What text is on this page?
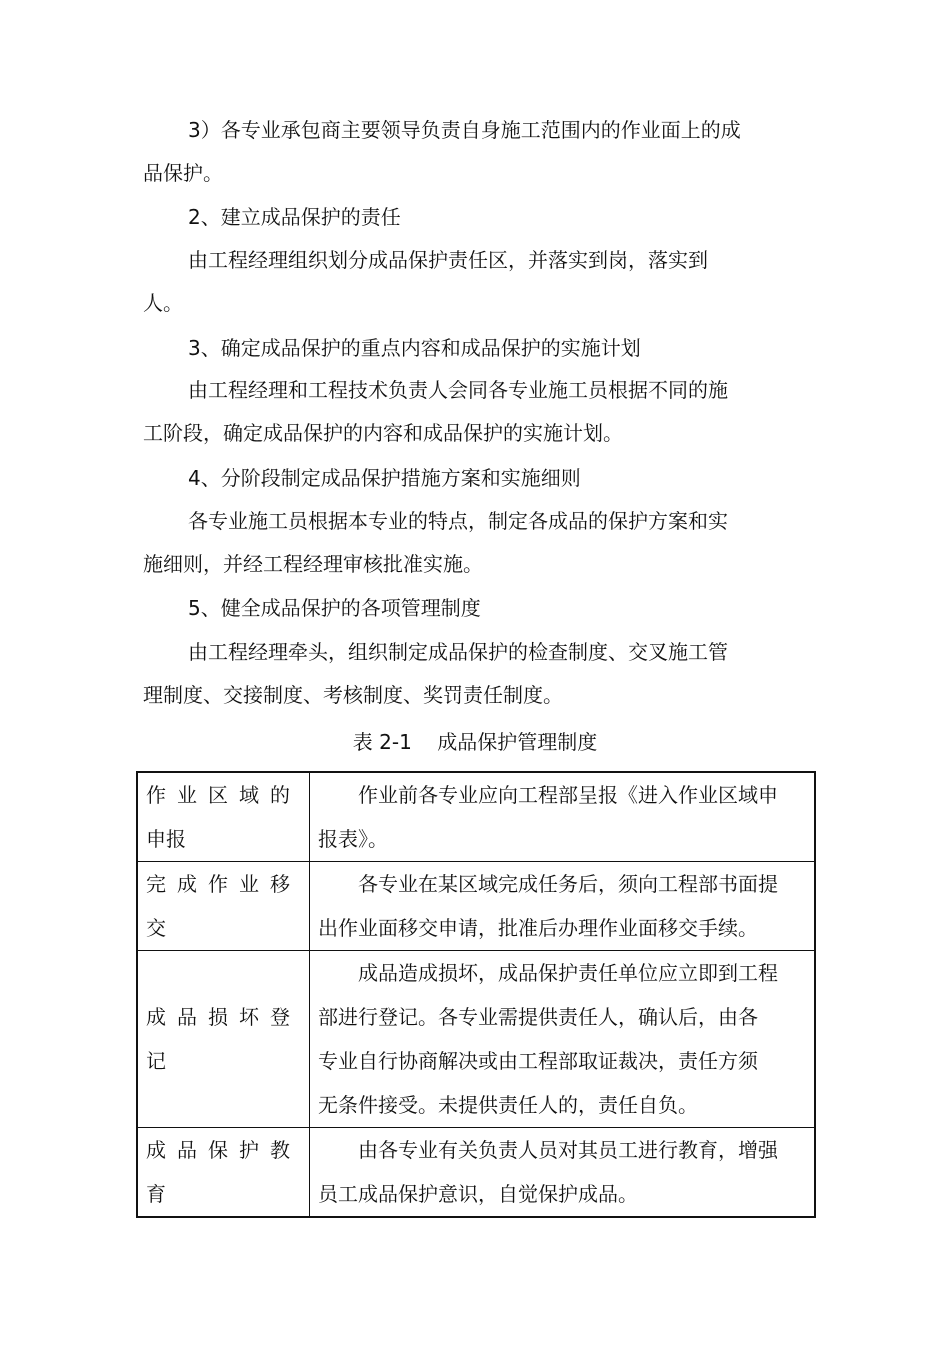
3）各专业承包商主要领导负责自身施工范围内的作业面上的成
品保护。
2、建立成品保护的责任
由工程经理组织划分成品保护责任区，并落实到岗，落实到
人。
3、确定成品保护的重点内容和成品保护的实施计划
由工程经理和工程技术负责人会同各专业施工员根据不同的施
工阶段，确定成品保护的内容和成品保护的实施计划。
4、分阶段制定成品保护措施方案和实施细则
各专业施工员根据本专业的特点，制定各成品的保护方案和实
施细则，并经工程经理审核批准实施。
5、健全成品保护的各项管理制度
由工程经理牵头，组织制定成品保护的检查制度、交叉施工管
理制度、交接制度、考核制度、奖罚责任制度。
表 2-1    成品保护管理制度
作业区域的
申报	作业前各专业应向工程部呈报《进入作业区域申
报表》。

完成作业移
交	各专业在某区域完成任务后，须向工程部书面提
出作业面移交申请，批准后办理作业面移交手续。

成品损坏登
记	成品造成损坏，成品保护责任单位应立即到工程
部进行登记。各专业需提供责任人，确认后，由各
专业自行协商解决或由工程部取证裁决，责任方须
无条件接受。未提供责任人的，责任自负。

成品保护教
育	由各专业有关负责人员对其员工进行教育，增强
员工成品保护意识，自觉保护成品。
